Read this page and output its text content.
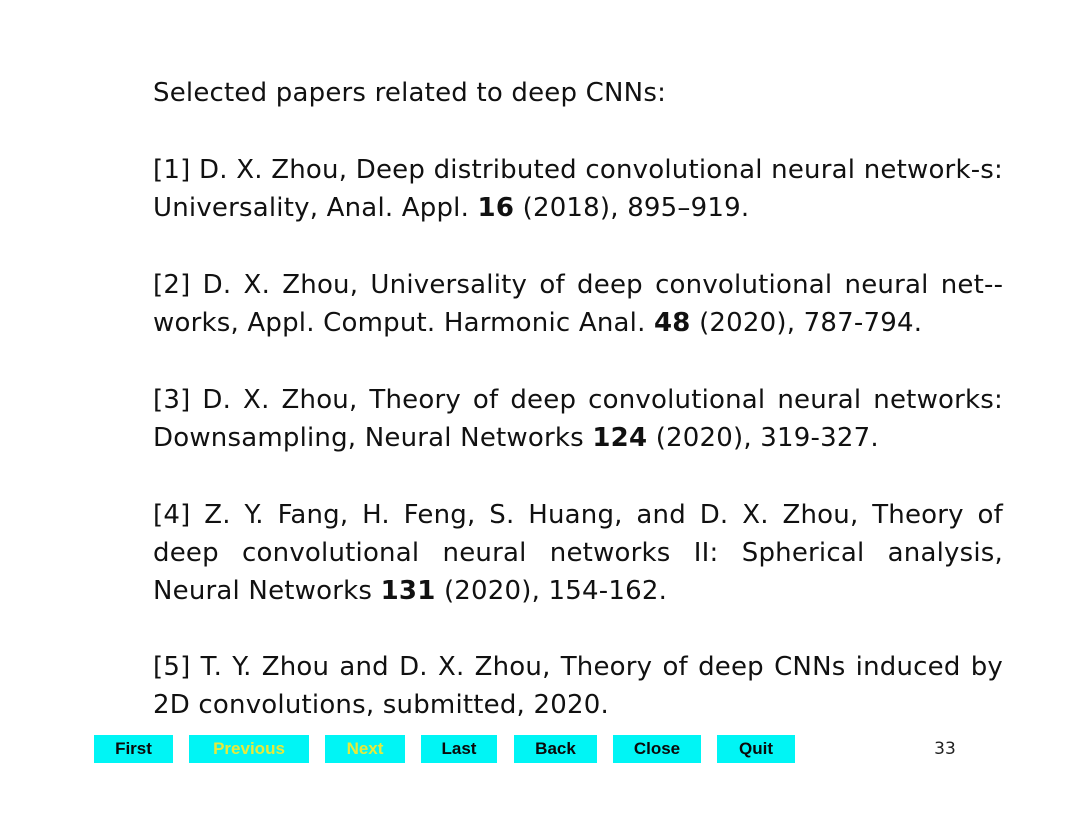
Selected papers related to deep CNNs:
[1] D. X. Zhou, Deep distributed convolutional neural network-s: Universality, Anal. Appl. 16 (2018), 895–919.
[2] D. X. Zhou, Universality of deep convolutional neural net-works, Appl. Comput. Harmonic Anal. 48 (2020), 787-794.
[3] D. X. Zhou, Theory of deep convolutional neural networks: Downsampling, Neural Networks 124 (2020), 319-327.
[4] Z. Y. Fang, H. Feng, S. Huang, and D. X. Zhou, Theory of deep convolutional neural networks II: Spherical analysis, Neural Networks 131 (2020), 154-162.
[5] T. Y. Zhou and D. X. Zhou, Theory of deep CNNs induced by 2D convolutions, submitted, 2020.
First	Previous	Next	Last	Back	Close	Quit	33
